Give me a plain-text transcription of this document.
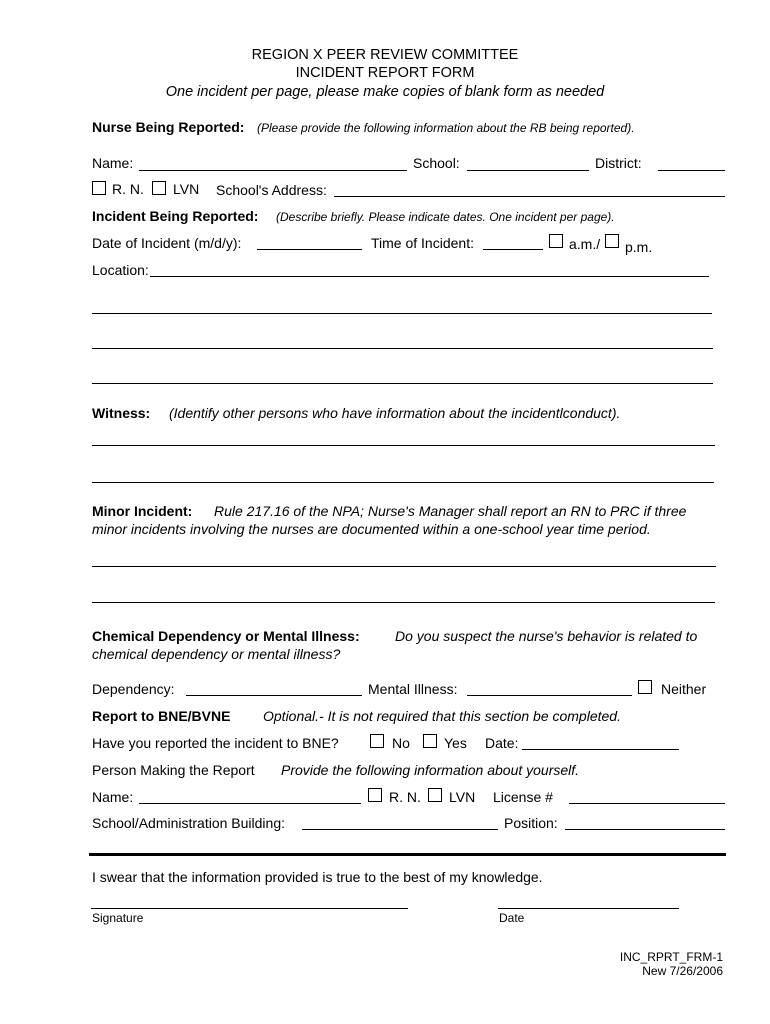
REGION X PEER REVIEW COMMITTEE
INCIDENT REPORT FORM
One incident per page, please make copies of blank form as needed
Nurse Being Reported: (Please provide the following information about the RB being reported).
Name:	School:	District:
R. N. LVN School's Address:
Incident Being Reported: (Describe briefly. Please indicate dates. One incident per page).
Date of Incident (m/d/y):	Time of Incident:	a.m./ p.m.
Location:
Witness: (Identify other persons who have information about the incidentlconduct).
Minor Incident: Rule 217.16 of the NPA; Nurse's Manager shall report an RN to PRC if three
minor incidents involving the nurses are documented within a one-school year time period.
Chemical Dependency or Mental Illness:	Do you suspect the nurse's behavior is related to
chemical dependency or mental illness?
Dependency:	Mental Illness:	Neither
Report to BNE/BVNE Optional.- It is not required that this section be completed.
Have you reported the incident to BNE?	No Yes Date:
Person Making the Report Provide the following information about yourself.
Name:	R. N. LVN License #
School/Administration Building:	Position:
I swear that the information provided is true to the best of my knowledge.
Signature	Date
INC_RPRT_FRM-1
New 7/26/2006
